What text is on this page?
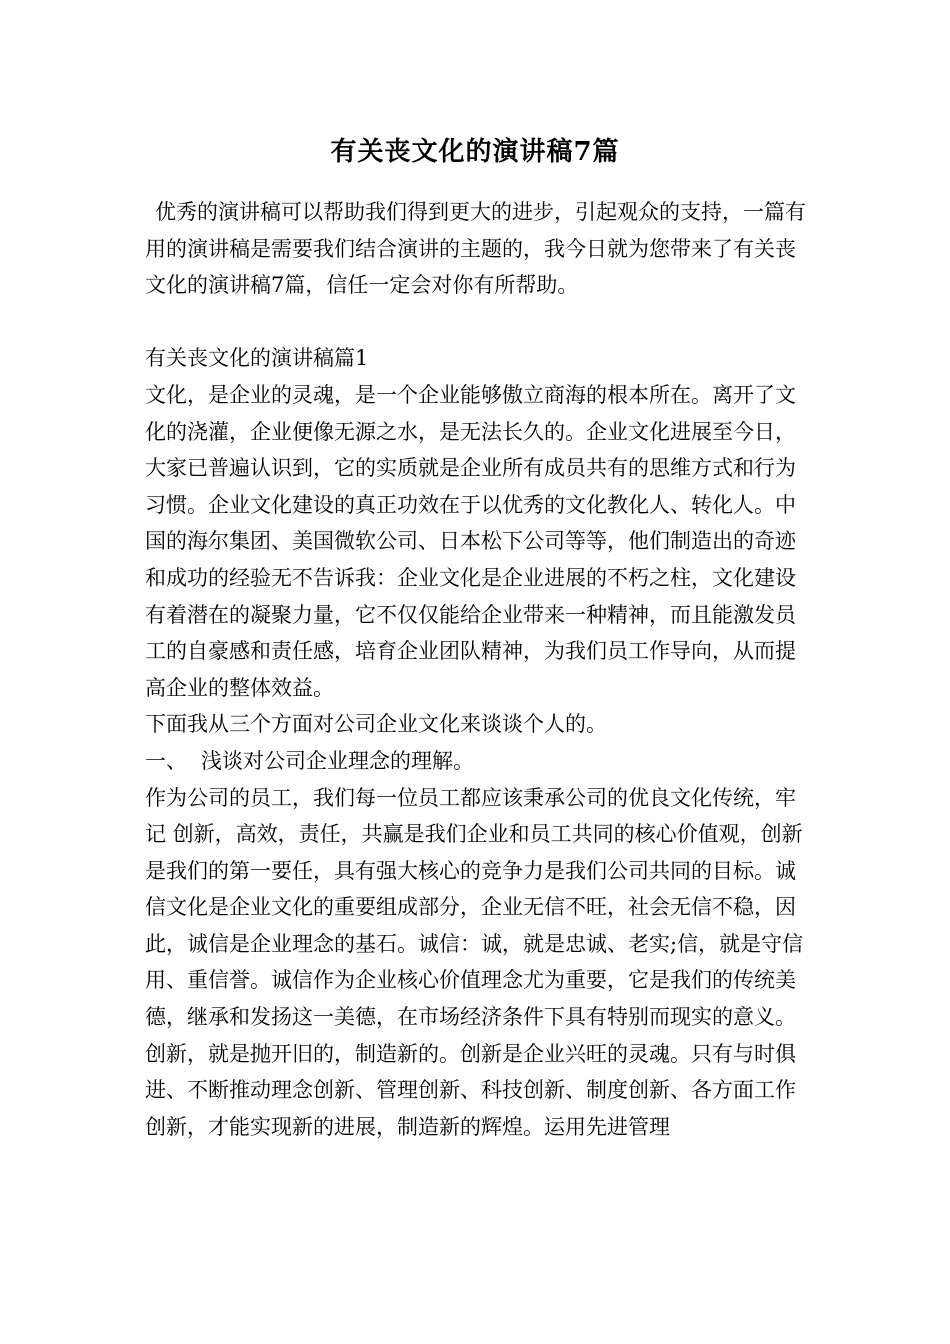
有关丧文化的演讲稿7篇

优秀的演讲稿可以帮助我们得到更大的进步，引起观众的支持，一篇有用的演讲稿是需要我们结合演讲的主题的，我今日就为您带来了有关丧文化的演讲稿7篇，信任一定会对你有所帮助。

有关丧文化的演讲稿篇1

文化，是企业的灵魂，是一个企业能够傲立商海的根本所在。离开了文化的浇灌，企业便像无源之水，是无法长久的。企业文化进展至今日，大家已普遍认识到，它的实质就是企业所有成员共有的思维方式和行为习惯。企业文化建设的真正功效在于以优秀的文化教化人、转化人。中国的海尔集团、美国微软公司、日本松下公司等等，他们制造出的奇迹和成功的经验无不告诉我：企业文化是企业进展的不朽之柱，文化建设有着潜在的凝聚力量，它不仅仅能给企业带来一种精神，而且能激发员工的自豪感和责任感，培育企业团队精神，为我们员工作导向，从而提高企业的整体效益。

下面我从三个方面对公司企业文化来谈谈个人的。

一、 浅谈对公司企业理念的理解。

作为公司的员工，我们每一位员工都应该秉承公司的优良文化传统，牢记 创新，高效，责任，共赢是我们企业和员工共同的核心价值观，创新是我们的第一要任，具有强大核心的竞争力是我们公司共同的目标。诚信文化是企业文化的重要组成部分，企业无信不旺，社会无信不稳，因此，诚信是企业理念的基石。诚信：诚，就是忠诚、老实;信，就是守信用、重信誉。诚信作为企业核心价值理念尤为重要，它是我们的传统美德，继承和发扬这一美德，在市场经济条件下具有特别而现实的意义。

创新，就是抛开旧的，制造新的。创新是企业兴旺的灵魂。只有与时俱进、不断推动理念创新、管理创新、科技创新、制度创新、各方面工作创新，才能实现新的进展，制造新的辉煌。运用先进管理
